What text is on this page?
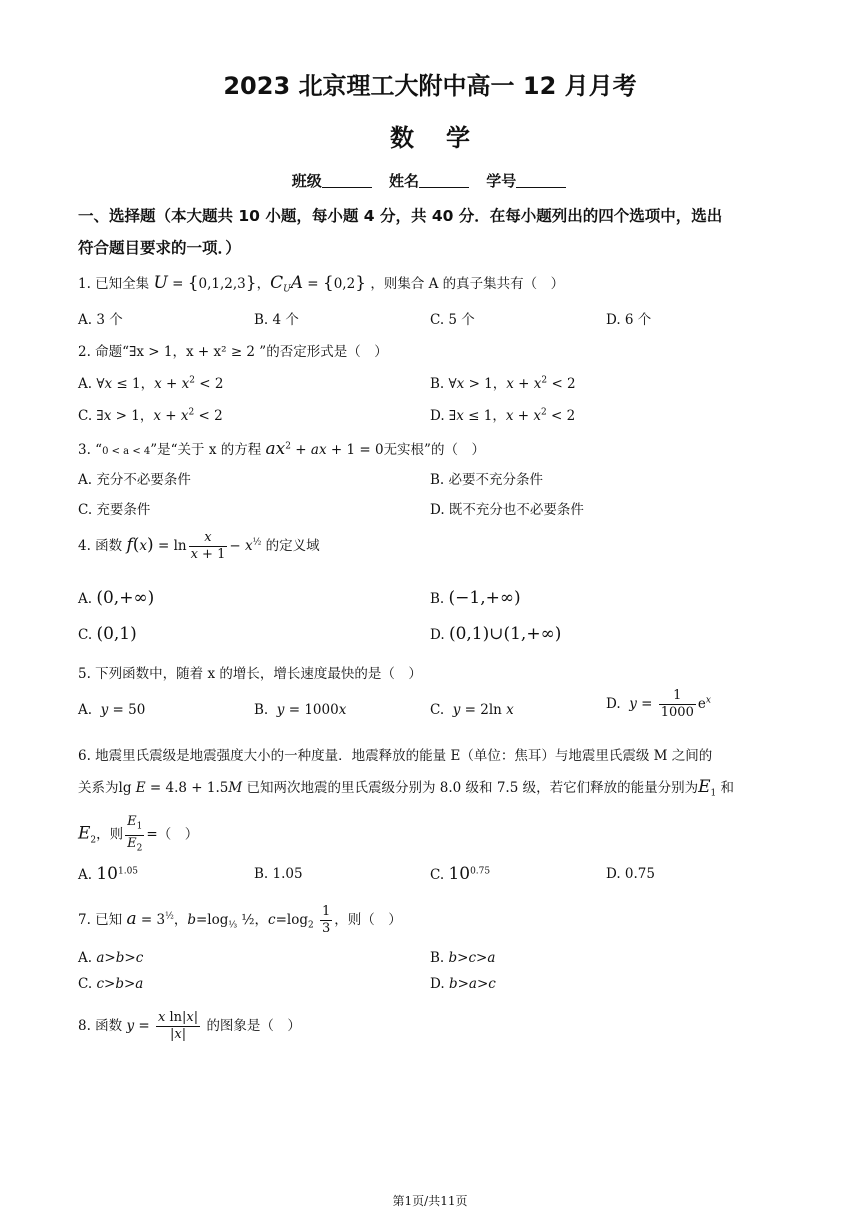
2023 北京理工大附中高一 12 月月考
数学
班级	姓名	学号
一、选择题（本大题共 10 小题，每小题 4 分，共 40 分．在每小题列出的四个选项中，选出
符合题目要求的一项．）
1. 已知全集 U = {0,1,2,3}，$C_UA = \{0,2\}$ ，则集合 A 的真子集共有（　）
A. 3 个	B. 4 个	C. 5 个	D. 6 个
2. 命题“∃x > 1，x + x² ≥ 2 ”的否定形式是（　）
A. ∀x ≤ 1，$x + x^2 < 2$	B. ∀x > 1，$x + x^2 < 2$
C. ∃x > 1，$x + x^2 < 2$	D. ∃x ≤ 1，$x + x^2 < 2$
3. “0 < a < 4”是“关于 x 的方程 $ax^2$ + ax + 1 = 0无实根”的（　）
A. 充分不必要条件	B. 必要不充分条件
C. 充要条件	D. 既不充分也不必要条件
4. 函数 $f(x) = \ln \frac{x}{x + 1} - x^{\frac{1}{2}}$ 的定义域
A. (0,+∞)	B. (−1,+∞)
C. (0,1)	D. (0,1)∪(1,+∞)
5. 下列函数中，随着 x 的增长，增长速度最快的是（　）
A.  y = 50	B.  y = 1000x	C.  y = 2ln x	D.  $y = \frac{1}{1000} e^x$
6. 地震里氏震级是地震强度大小的一种度量．地震释放的能量 E（单位：焦耳）与地震里氏震级 M 之间的
关系为lg E = 4.8 + 1.5M 已知两次地震的里氏震级分别为 8.0 级和 7.5 级，若它们释放的能量分别为$E_1$ 和
$E_2$，则 $\frac{E_1}{E_2}$ =（　）
A. $10^{1.05}$	B. 1.05	C. $10^{0.75}$	D. 0.75
7. 已知 $a = 3^{\frac{1}{2}}$，$b=\log_{\frac{1}{3}}$ ½，$c=\log_2 \frac{1}{3}$ ，则（　）
A. a>b>c	B. b>c>a
C. c>b>a	D. b>a>c
8. 函数 $y = \frac{\text{x ln|x|}}{|x|}$ 的图象是（　）
第1页/共11页
